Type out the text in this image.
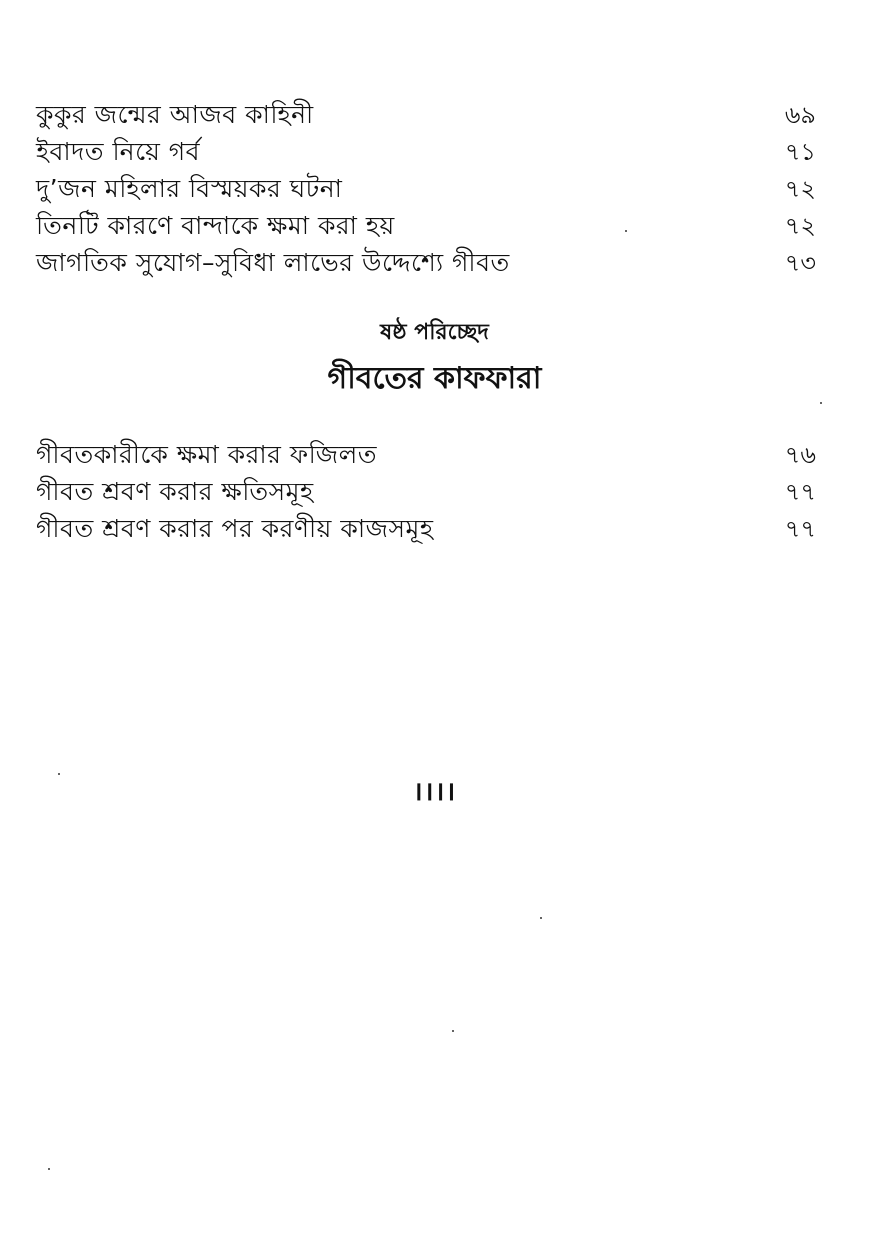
কুকুর জন্মের আজব কাহিনী	৬৯
ইবাদত নিয়ে গর্ব	৭১
দু’জন মহিলার বিস্ময়কর ঘটনা	৭২
তিনটি কারণে বান্দাকে ক্ষমা করা হয়	৭২
জাগতিক সুযোগ–সুবিধা লাভের উদ্দেশ্যে গীবত	৭৩
ষষ্ঠ পরিচ্ছেদ
গীবতের কাফফারা
গীবতকারীকে ক্ষমা করার ফজিলত	৭৬
গীবত শ্রবণ করার ক্ষতিসমূহ	৭৭
গীবত শ্রবণ করার পর করণীয় কাজসমূহ	৭৭
।।।।
